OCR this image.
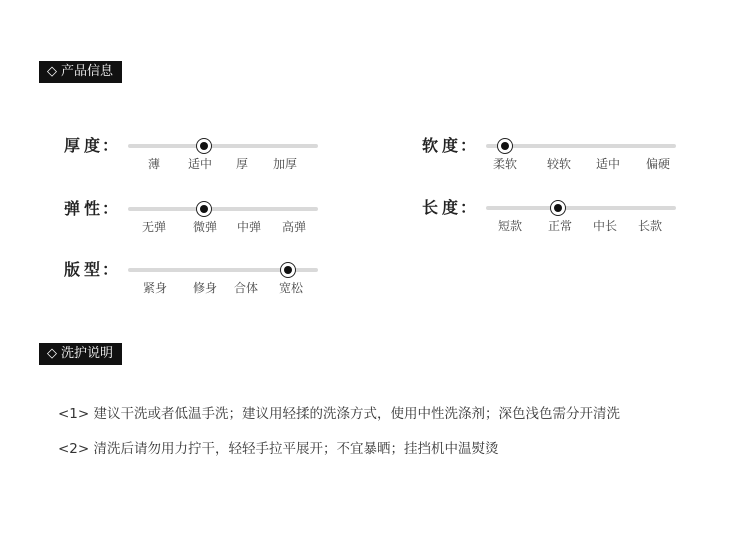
◇ 产品信息
厚度：
薄 适中 厚 加厚
软度：
柔软 较软 适中 偏硬
弹性：
无弹 微弹 中弹 高弹
长度：
短款 正常 中长 长款
版型：
紧身 修身 合体 宽松
◇ 洗护说明
<1> 建议干洗或者低温手洗；建议用轻揉的洗涤方式，使用中性洗涤剂；深色浅色需分开清洗
<2> 清洗后请勿用力拧干，轻轻手拉平展开；不宜暴晒；挂挡机中温熨烫
